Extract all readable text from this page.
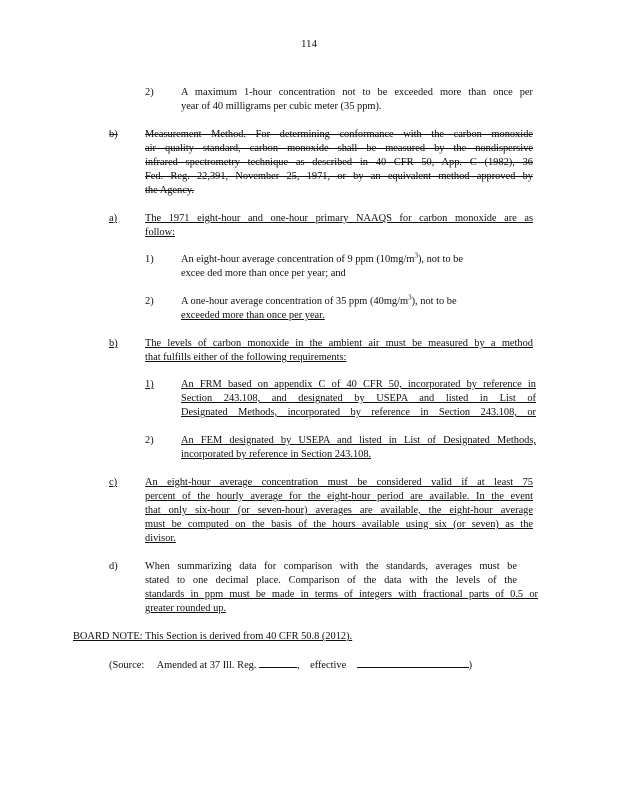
114
2)	A maximum 1-hour concentration not to be exceeded more than once per
year of 40 milligrams per cubic meter (35 ppm).
b)	Measurement Method. For determining conformance with the carbon monoxide
air quality standard, carbon monoxide shall be measured by the nondispersive
infrared spectrometry technique as described in 40 CFR 50, App. C (1982), 36
Fed. Reg. 22,391, November 25, 1971, or by an equivalent method approved by
the Agency.
a)	The 1971 eight-hour and one-hour primary NAAQS for carbon monoxide are as
follow:
1)	An eight-hour average concentration of 9 ppm $(10mg/m^3)$, not to be
excee ded more than once per year; and
2)	A one-hour average concentration of 35 ppm $(40mg/m^3)$, not to be
exceeded more than once per year.
b)	The levels of carbon monoxide in the ambient air must be measured by a method
that fulfills either of the following requirements:
1)	An FRM based on appendix C of 40 CFR 50, incorporated by reference in
Section 243.108, and designated by USEPA and listed in List of
Designated Methods, incorporated by reference in Section 243.108, or
2)	An FEM designated by USEPA and listed in List of Designated Methods,
incorporated by reference in Section 243.108.
c)	An eight-hour average concentration must be considered valid if at least 75
percent of the hourly average for the eight-hour period are available. In the event
that only six-hour (or seven-hour) averages are available, the eight-hour average
must be computed on the basis of the hours available using six (or seven) as the
divisor.
d)	When summarizing data for comparison with the standards, averages must be
stated to one decimal place. Comparison of the data with the levels of the
standards in ppm must be made in terms of integers with fractional parts of 0.5 or
greater rounded up.
BOARD NOTE: This Section is derived from 40 CFR 50.8 (2012).
(Source: Amended at 37 Ill. Reg.	, effective	)
